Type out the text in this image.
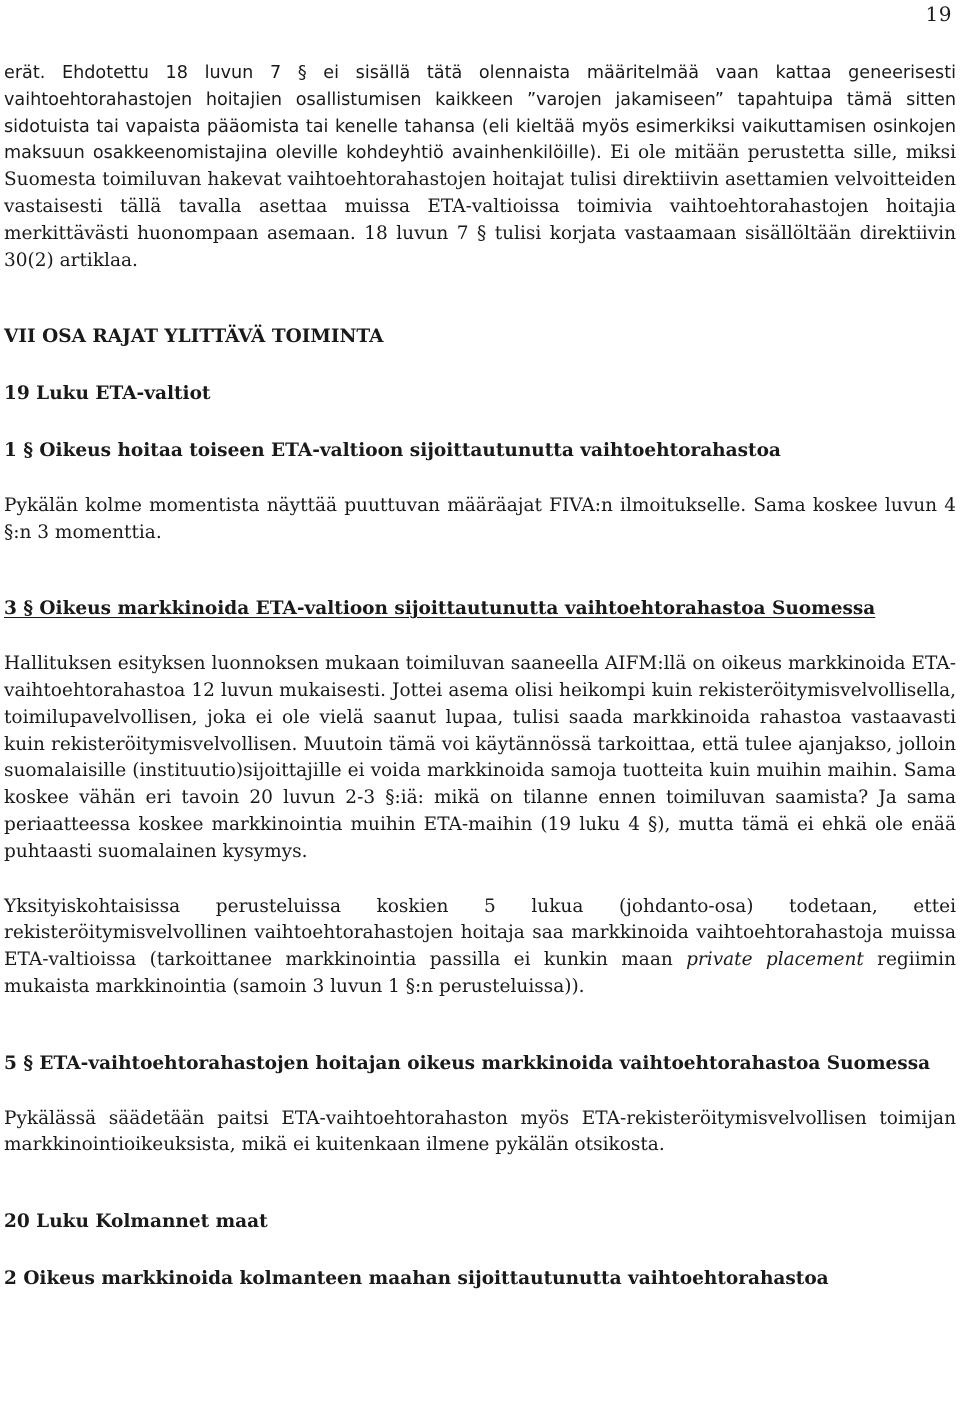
19

erät. Ehdotettu 18 luvun 7 § ei sisällä tätä olennaista määritelmää vaan kattaa geneerisesti vaihtoehtorahastojen hoitajien osallistumisen kaikkeen ”varojen jakamiseen” tapahtuipa tämä sitten sidotuista tai vapaista pääomista tai kenelle tahansa (eli kieltää myös esimerkiksi vaikuttamisen osinkojen maksuun osakkeenomistajina oleville kohdeyhtiö avainhenkilöille). Ei ole mitään perustetta sille, miksi Suomesta toimiluvan hakevat vaihtoehtorahastojen hoitajat tulisi direktiivin asettamien velvoitteiden vastaisesti tällä tavalla asettaa muissa ETA-valtioissa toimivia vaihtoehtorahastojen hoitajia merkittävästi huonompaan asemaan. 18 luvun 7 § tulisi korjata vastaamaan sisällöltään direktiivin 30(2) artiklaa.

VII OSA RAJAT YLITTÄVÄ TOIMINTA
19 Luku ETA-valtiot
1 § Oikeus hoitaa toiseen ETA-valtioon sijoittautunutta vaihtoehtorahastoa

Pykälän kolme momentista näyttää puuttuvan määräajat FIVA:n ilmoitukselle. Sama koskee luvun 4 §:n 3 momenttia.

3 § Oikeus markkinoida ETA-valtioon sijoittautunutta vaihtoehtorahastoa Suomessa

Hallituksen esityksen luonnoksen mukaan toimiluvan saaneella AIFM:llä on oikeus markkinoida ETA-vaihtoehtorahastoa 12 luvun mukaisesti. Jottei asema olisi heikompi kuin rekisteröitymisvelvollisella, toimilupavelvollisen, joka ei ole vielä saanut lupaa, tulisi saada markkinoida rahastoa vastaavasti kuin rekisteröitymisvelvollisen. Muutoin tämä voi käytännössä tarkoittaa, että tulee ajanjakso, jolloin suomalaisille (instituutio)sijoittajille ei voida markkinoida samoja tuotteita kuin muihin maihin. Sama koskee vähän eri tavoin 20 luvun 2-3 §:iä: mikä on tilanne ennen toimiluvan saamista? Ja sama periaatteessa koskee markkinointia muihin ETA-maihin (19 luku 4 §), mutta tämä ei ehkä ole enää puhtaasti suomalainen kysymys.

Yksityiskohtaisissa perusteluissa koskien 5 lukua (johdanto-osa) todetaan, ettei rekisteröitymisvelvollinen vaihtoehtorahastojen hoitaja saa markkinoida vaihtoehtorahastoja muissa ETA-valtioissa (tarkoittanee markkinointia passilla ei kunkin maan private placement regiimin mukaista markkinointia (samoin 3 luvun 1 §:n perusteluissa)).

5 § ETA-vaihtoehtorahastojen hoitajan oikeus markkinoida vaihtoehtorahastoa Suomessa

Pykälässä säädetään paitsi ETA-vaihtoehtorahaston myös ETA-rekisteröitymisvelvollisen toimijan markkinointioikeuksista, mikä ei kuitenkaan ilmene pykälän otsikosta.

20 Luku Kolmannet maat
2 Oikeus markkinoida kolmanteen maahan sijoittautunutta vaihtoehtorahastoa
